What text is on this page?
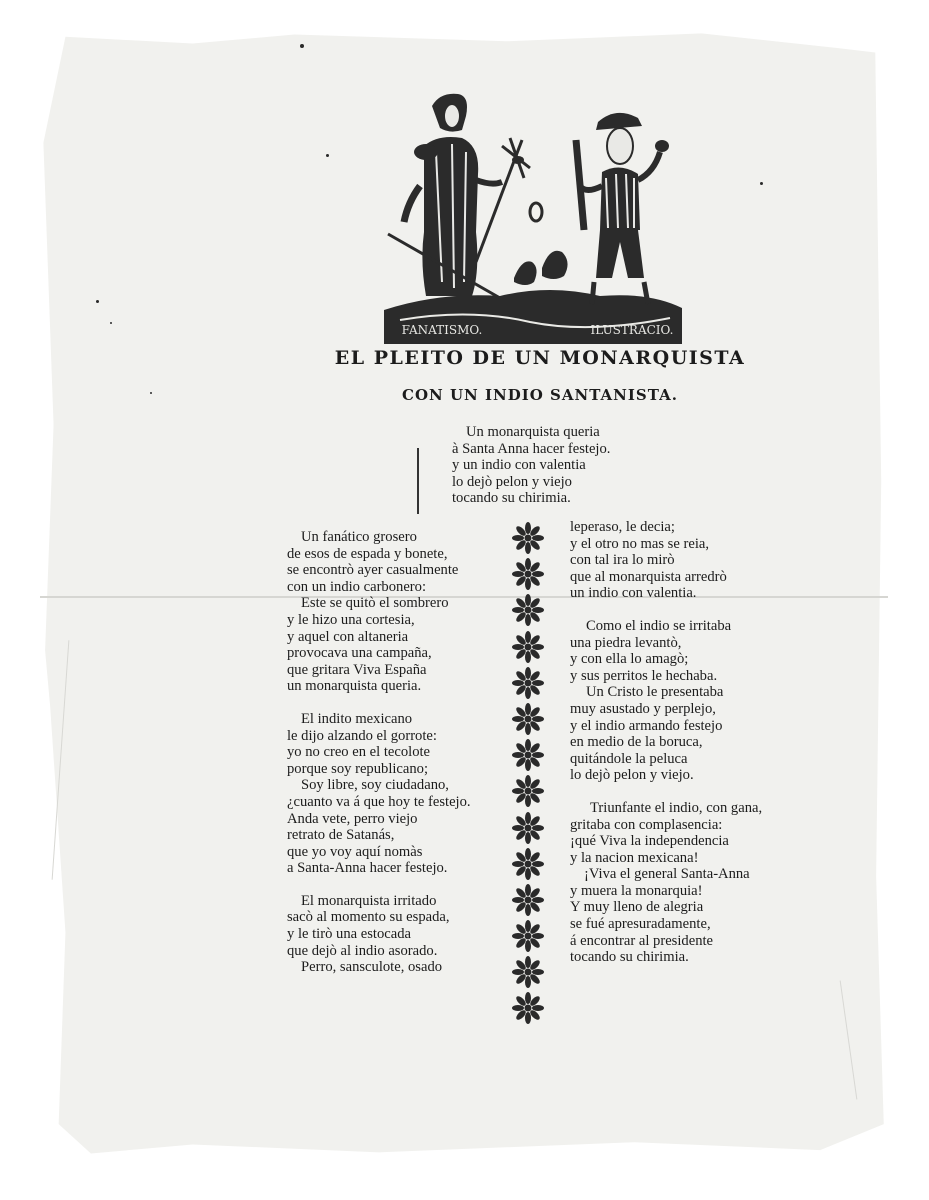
FANATISMO.	ILUSTRACIO.
EL PLEITO DE UN MONARQUISTA
CON UN INDIO SANTANISTA.
Un monarquista queria
à Santa Anna hacer festejo.
y un indio con valentia
lo dejò pelon y viejo
tocando su chirimia.
Un fanático grosero
de esos de espada y bonete,
se encontrò ayer casualmente
con un indio carbonero:
Este se quitò el sombrero
y le hizo una cortesia,
y aquel con altaneria
provocava una campaña,
que gritara Viva España
un monarquista queria.
El indito mexicano
le dijo alzando el gorrote:
yo no creo en el tecolote
porque soy republicano;
Soy libre, soy ciudadano,
¿cuanto va á que hoy te festejo.
Anda vete, perro viejo
retrato de Satanás,
que yo voy aquí nomàs
a Santa-Anna hacer festejo.
El monarquista irritado
sacò al momento su espada,
y le tirò una estocada
que dejò al indio asorado.
Perro, sansculote, osado
leperaso, le decia;
y el otro no mas se reia,
con tal ira lo mirò
que al monarquista arredrò
un indio con valentia.
Como el indio se irritaba
una piedra levantò,
y con ella lo amagò;
y sus perritos le hechaba.
Un Cristo le presentaba
muy asustado y perplejo,
y el indio armando festejo
en medio de la boruca,
quitándole la peluca
lo dejò pelon y viejo.
Triunfante el indio, con gana,
gritaba con complasencia:
¡qué Viva la independencia
y la nacion mexicana!
¡Viva el general Santa-Anna
y muera la monarquia!
Y muy lleno de alegria
se fué apresuradamente,
á encontrar al presidente
tocando su chirimia.
